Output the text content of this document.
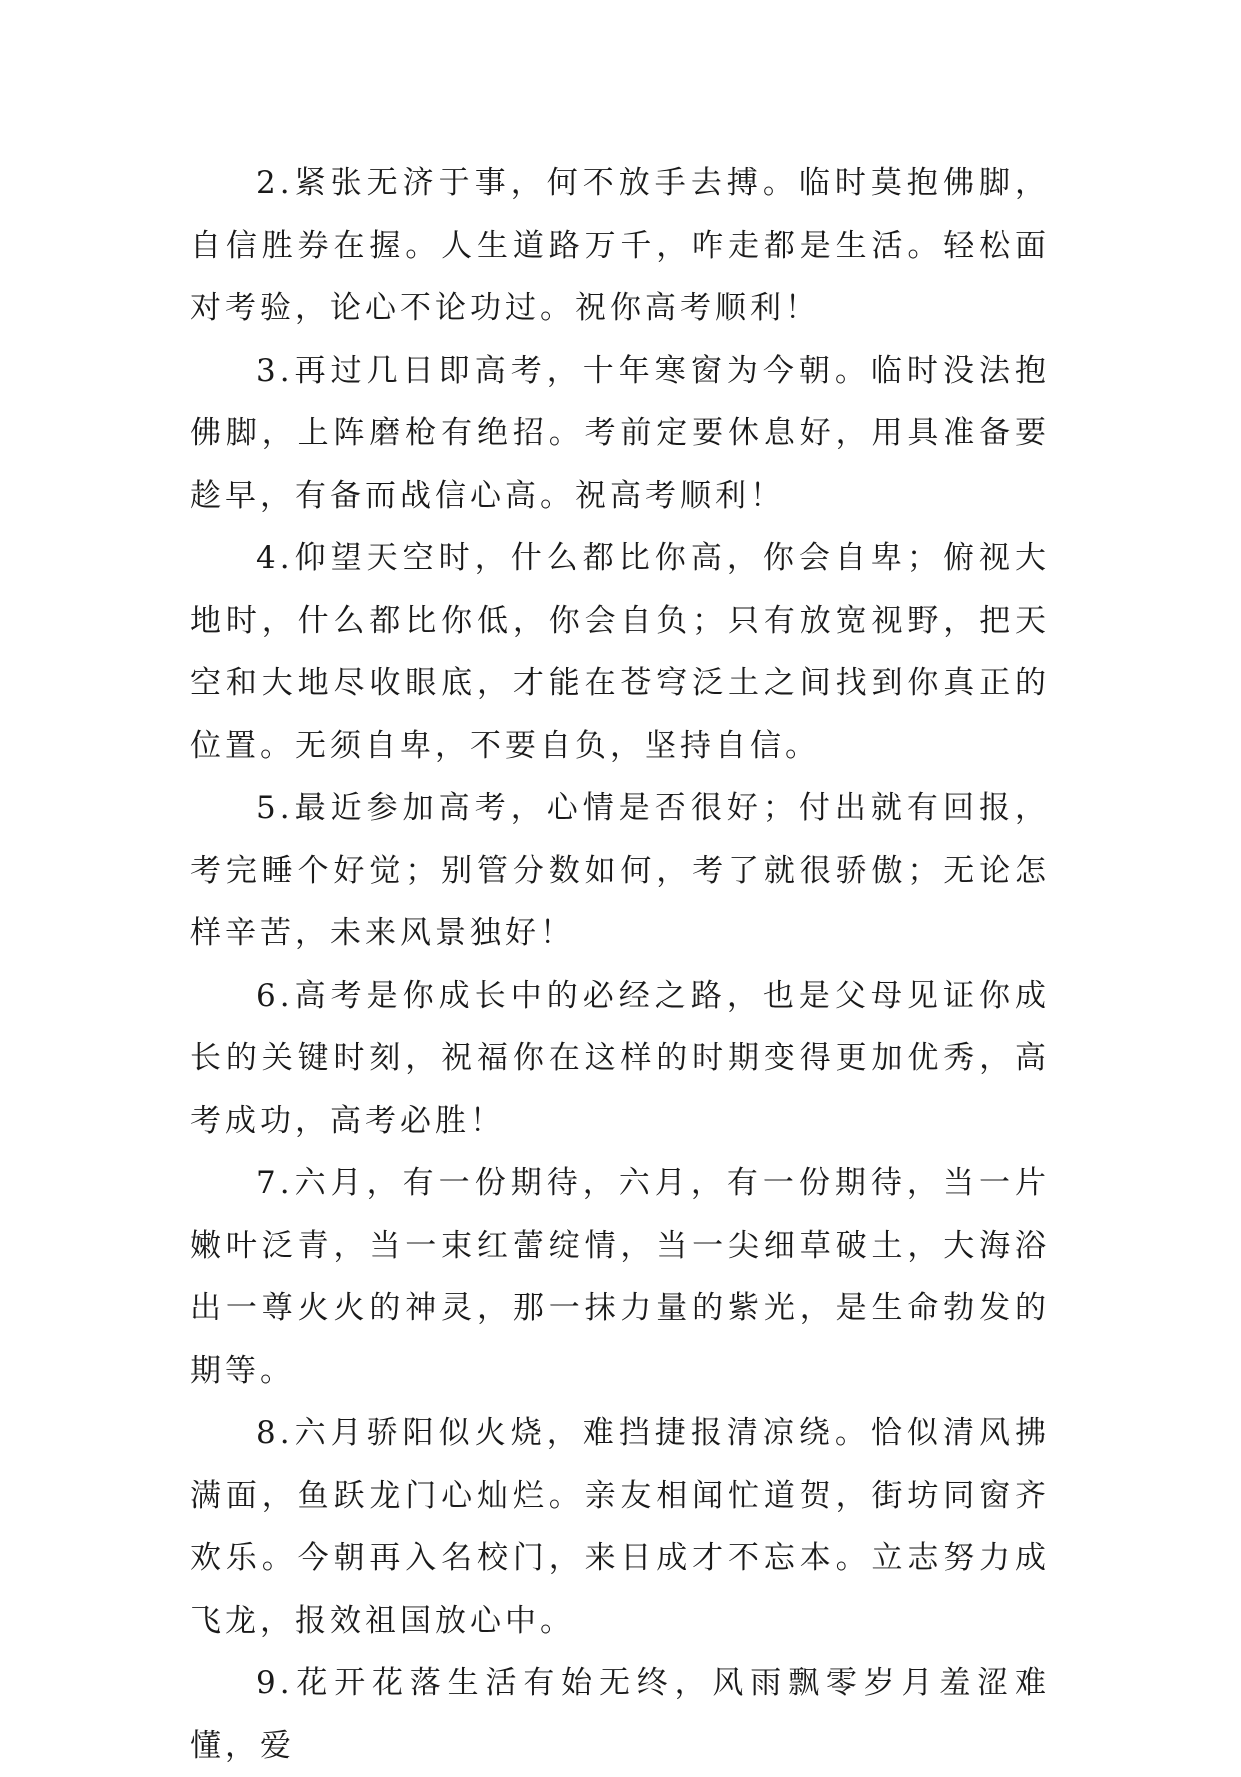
2.紧张无济于事，何不放手去搏。临时莫抱佛脚，自信胜券在握。人生道路万千，咋走都是生活。轻松面对考验，论心不论功过。祝你高考顺利！

3.再过几日即高考，十年寒窗为今朝。临时没法抱佛脚，上阵磨枪有绝招。考前定要休息好，用具准备要趁早，有备而战信心高。祝高考顺利！

4.仰望天空时，什么都比你高，你会自卑；俯视大地时，什么都比你低，你会自负；只有放宽视野，把天空和大地尽收眼底，才能在苍穹泛土之间找到你真正的位置。无须自卑，不要自负，坚持自信。

5.最近参加高考，心情是否很好；付出就有回报，考完睡个好觉；别管分数如何，考了就很骄傲；无论怎样辛苦，未来风景独好！

6.高考是你成长中的必经之路，也是父母见证你成长的关键时刻，祝福你在这样的时期变得更加优秀，高考成功，高考必胜！

7.六月，有一份期待，六月，有一份期待，当一片嫩叶泛青，当一束红蕾绽情，当一尖细草破土，大海浴出一尊火火的神灵，那一抹力量的紫光，是生命勃发的期等。

8.六月骄阳似火烧，难挡捷报清凉绕。恰似清风拂满面，鱼跃龙门心灿烂。亲友相闻忙道贺，街坊同窗齐欢乐。今朝再入名校门，来日成才不忘本。立志努力成飞龙，报效祖国放心中。

9.花开花落生活有始无终，风雨飘零岁月羞涩难懂，爱
